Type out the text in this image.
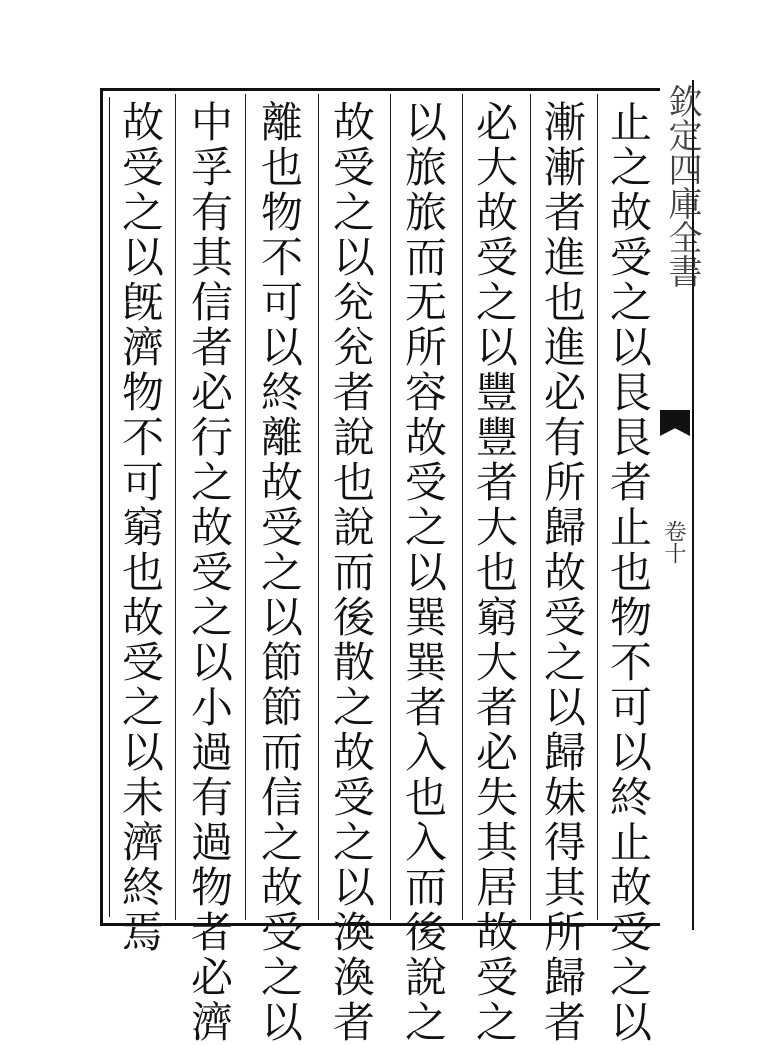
止之故受之以艮艮者止也物不可以終止故受之以
漸漸者進也進必有所歸故受之以歸妹得其所歸者
必大故受之以豐豐者大也窮大者必失其居故受之
以旅旅而无所容故受之以巽巽者入也入而後說之
故受之以兊兊者說也說而後散之故受之以渙渙者
離也物不可以終離故受之以節節而信之故受之以
中孚有其信者必行之故受之以小過有過物者必濟
故受之以旣濟物不可窮也故受之以未濟終焉	欽定四庫全書
卷十
